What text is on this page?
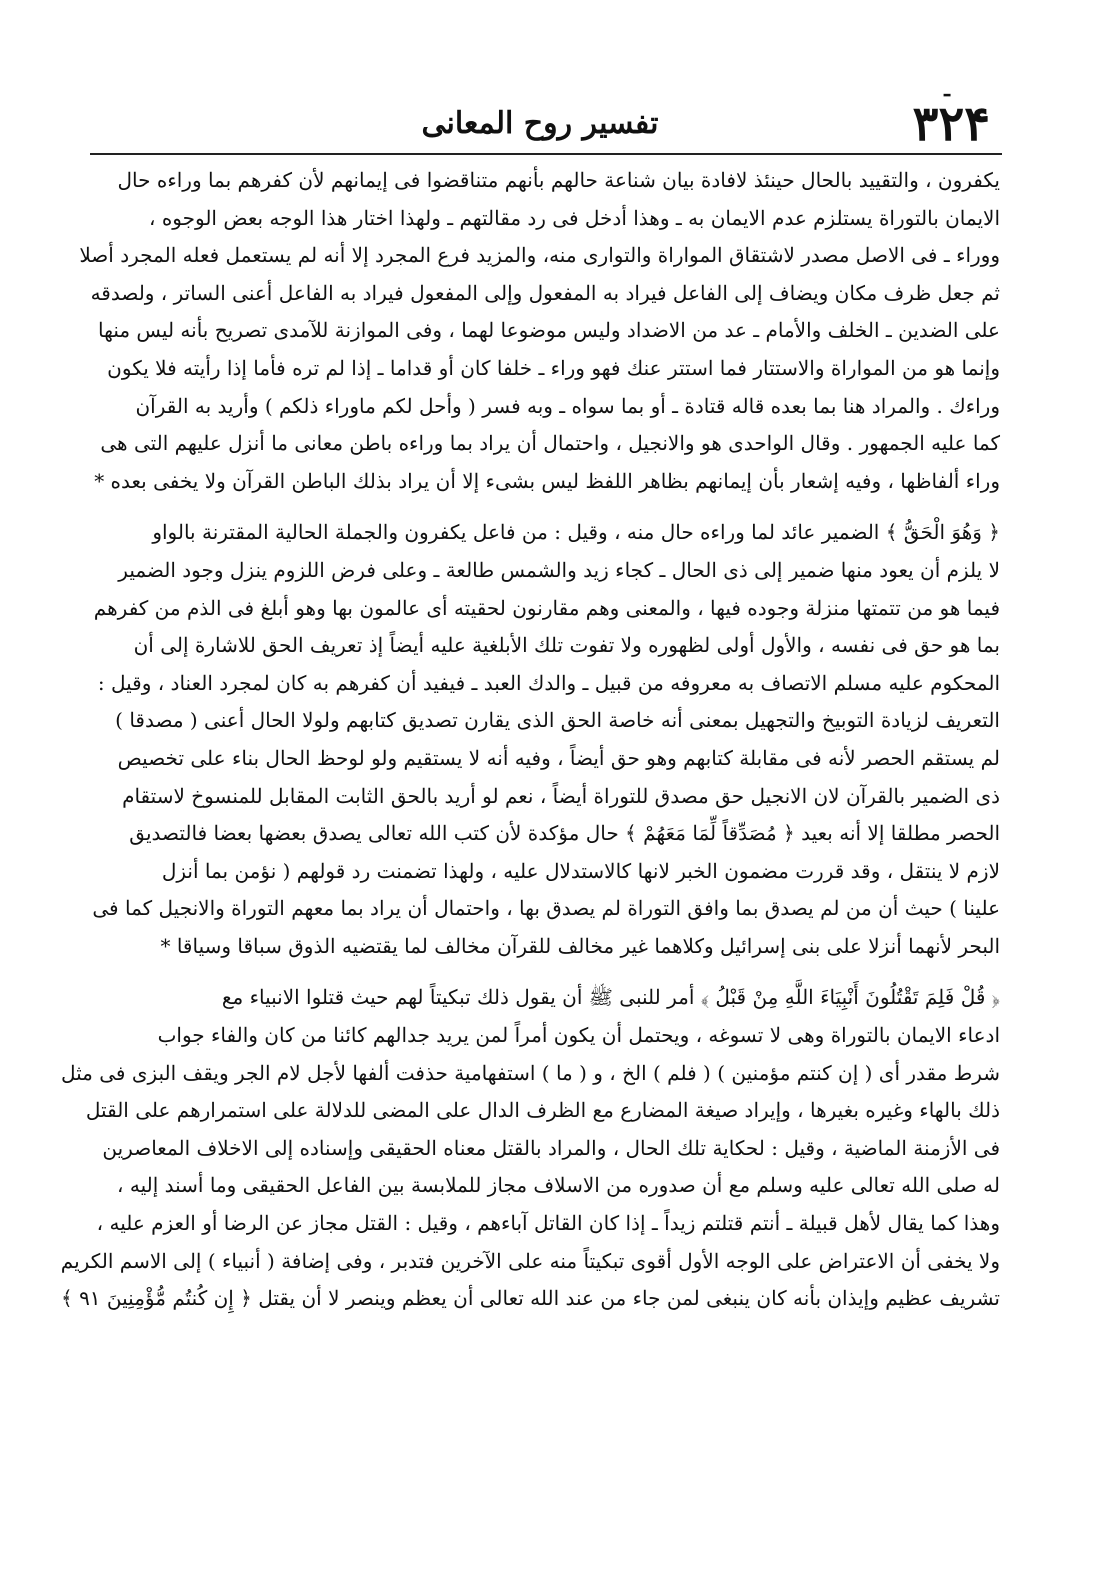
ـ
۳۲۴
تفسیر روح المعانی
يكفرون ، والتقييد بالحال حينئذ لافادة بيان شناعة حالهم بأنهم متناقضوا فى إيمانهم لأن كفرهم بما وراءه حال
الايمان بالتوراة يستلزم عدم الايمان به ـ وهذا أدخل فى رد مقالتهم ـ ولهذا اختار هذا الوجه بعض الوجوه ،
ووراء ـ فى الاصل مصدر لاشتقاق المواراة والتوارى منه، والمزيد فرع المجرد إلا أنه لم يستعمل فعله المجرد أصلا
ثم جعل ظرف مكان ويضاف إلى الفاعل فيراد به المفعول وإلى المفعول فيراد به الفاعل أعنى الساتر ، ولصدقه
على الضدين ـ الخلف والأمام ـ عد من الاضداد وليس موضوعا لهما ، وفى الموازنة للآمدى تصريح بأنه ليس منها
وإنما هو من المواراة والاستتار فما استتر عنك فهو وراء ـ خلفا كان أو قداما ـ إذا لم تره فأما إذا رأيته فلا يكون
وراءك . والمراد هنا بما بعده قاله قتادة ـ أو بما سواه ـ وبه فسر ( وأحل لكم ماوراء ذلكم ) وأريد به القرآن
كما عليه الجمهور . وقال الواحدى هو والانجيل ، واحتمال أن يراد بما وراءه باطن معانى ما أنزل عليهم التى هى
وراء ألفاظها ، وفيه إشعار بأن إيمانهم بظاهر اللفظ ليس بشىء إلا أن يراد بذلك الباطن القرآن ولا يخفى بعده *
﴿ وَهُوَ الْحَقُّ ﴾ الضمير عائد لما وراءه حال منه ، وقيل : من فاعل يكفرون والجملة الحالية المقترنة بالواو
لا يلزم أن يعود منها ضمير إلى ذى الحال ـ كجاء زيد والشمس طالعة ـ وعلى فرض اللزوم ينزل وجود الضمير
فيما هو من تتمتها منزلة وجوده فيها ، والمعنى وهم مقارنون لحقيته أى عالمون بها وهو أبلغ فى الذم من كفرهم
بما هو حق فى نفسه ، والأول أولى لظهوره ولا تفوت تلك الأبلغية عليه أيضاً إذ تعريف الحق للاشارة إلى أن
المحكوم عليه مسلم الاتصاف به معروفه من قبيل ـ والدك العبد ـ فيفيد أن كفرهم به كان لمجرد العناد ، وقيل :
التعريف لزيادة التوبيخ والتجهيل بمعنى أنه خاصة الحق الذى يقارن تصديق كتابهم ولولا الحال أعنى ( مصدقا )
لم يستقم الحصر لأنه فى مقابلة كتابهم وهو حق أيضاً ، وفيه أنه لا يستقيم ولو لوحظ الحال بناء على تخصيص
ذى الضمير بالقرآن لان الانجيل حق مصدق للتوراة أيضاً ، نعم لو أريد بالحق الثابت المقابل للمنسوخ لاستقام
الحصر مطلقا إلا أنه بعيد ﴿ مُصَدِّقاً لِّمَا مَعَهُمْ ﴾ حال مؤكدة لأن كتب الله تعالى يصدق بعضها بعضا فالتصديق
لازم لا ينتقل ، وقد قررت مضمون الخبر لانها كالاستدلال عليه ، ولهذا تضمنت رد قولهم ( نؤمن بما أنزل
علينا ) حيث أن من لم يصدق بما وافق التوراة لم يصدق بها ، واحتمال أن يراد بما معهم التوراة والانجيل كما فى
البحر لأنهما أنزلا على بنى إسرائيل وكلاهما غير مخالف للقرآن مخالف لما يقتضيه الذوق سباقا وسياقا *
﴿ قُلْ فَلِمَ تَقْتُلُونَ أَنْبِيَاءَ اللَّهِ مِنْ قَبْلُ ﴾ أمر للنبى ﷺ أن يقول ذلك تبكيتاً لهم حيث قتلوا الانبياء مع
ادعاء الايمان بالتوراة وهى لا تسوغه ، ويحتمل أن يكون أمراً لمن يريد جدالهم كائنا من كان والفاء جواب
شرط مقدر أى ( إن كنتم مؤمنين ) ( فلم ) الخ ، و ( ما ) استفهامية حذفت ألفها لأجل لام الجر ويقف البزى فى مثل
ذلك بالهاء وغيره بغيرها ، وإيراد صيغة المضارع مع الظرف الدال على المضى للدلالة على استمرارهم على القتل
فى الأزمنة الماضية ، وقيل : لحكاية تلك الحال ، والمراد بالقتل معناه الحقيقى وإسناده إلى الاخلاف المعاصرين
له صلى الله تعالى عليه وسلم مع أن صدوره من الاسلاف مجاز للملابسة بين الفاعل الحقيقى وما أسند إليه ،
وهذا كما يقال لأهل قبيلة ـ أنتم قتلتم زيداً ـ إذا كان القاتل آباءهم ، وقيل : القتل مجاز عن الرضا أو العزم عليه ،
ولا يخفى أن الاعتراض على الوجه الأول أقوى تبكيتاً منه على الآخرين فتدبر ، وفى إضافة ( أنبياء ) إلى الاسم الكريم
تشريف عظيم وإيذان بأنه كان ينبغى لمن جاء من عند الله تعالى أن يعظم وينصر لا أن يقتل ﴿ إِن كُنتُم مُّؤْمِنِينَ ٩١ ﴾
